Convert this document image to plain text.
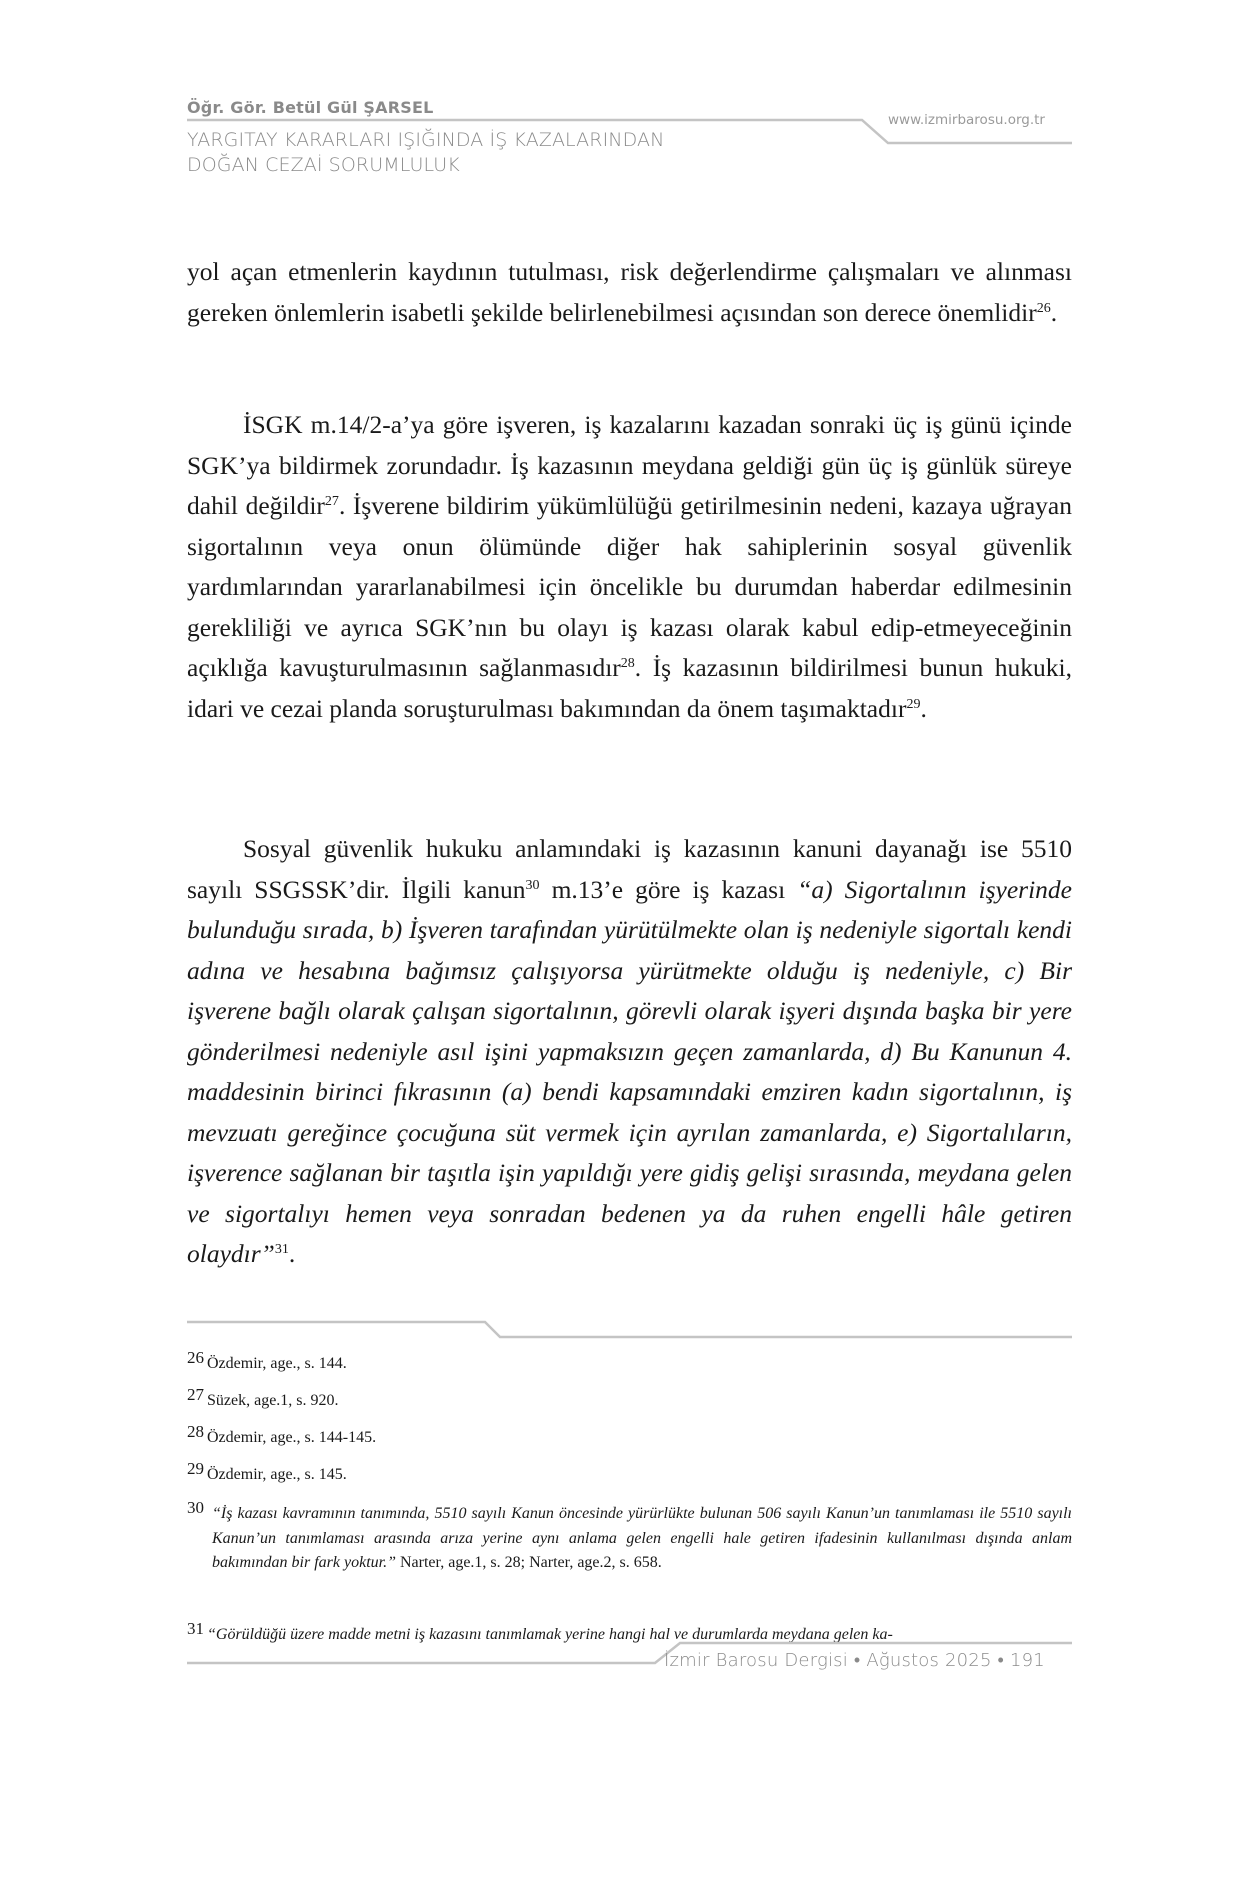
Öğr. Gör. Betül Gül ŞARSEL
www.izmirbarosu.org.tr
YARGITAY KARARLARI IŞIĞINDA İŞ KAZALARINDAN
DOĞAN CEZAİ SORUMLULUK

yol açan etmenlerin kaydının tutulması, risk değerlendirme çalışmaları ve alınması gereken önlemlerin isabetli şekilde belirlenebilmesi açısından son derece önemlidir$^{26}$.

İSGK m.14/2-a’ya göre işveren, iş kazalarını kazadan sonraki üç iş günü içinde SGK’ya bildirmek zorundadır. İş kazasının meydana geldiği gün üç iş günlük süreye dahil değildir$^{27}$. İşverene bildirim yükümlülüğü getirilmesinin nedeni, kazaya uğrayan sigortalının veya onun ölümünde diğer hak sahiplerinin sosyal güvenlik yardımlarından yararlanabilmesi için öncelikle bu durumdan haberdar edilmesinin gerekliliği ve ayrıca SGK’nın bu olayı iş kazası olarak kabul edip-etmeyeceğinin açıklığa kavuşturulmasının sağlanmasıdır$^{28}$. İş kazasının bildirilmesi bunun hukuki, idari ve cezai planda soruşturulması bakımından da önem taşımaktadır$^{29}$.

Sosyal güvenlik hukuku anlamındaki iş kazasının kanuni dayanağı ise 5510 sayılı SSGSSK’dir. İlgili kanun$^{30}$ m.13’e göre iş kazası “a) Sigortalının işyerinde bulunduğu sırada, b) İşveren tarafından yürütülmekte olan iş nedeniyle sigortalı kendi adına ve hesabına bağımsız çalışıyorsa yürütmekte olduğu iş nedeniyle, c) Bir işverene bağlı olarak çalışan sigortalının, görevli olarak işyeri dışında başka bir yere gönderilmesi nedeniyle asıl işini yapmaksızın geçen zamanlarda, d) Bu Kanunun 4. maddesinin birinci fıkrasının (a) bendi kapsamındaki emziren kadın sigortalının, iş mevzuatı gereğince çocuğuna süt vermek için ayrılan zamanlarda, e) Sigortalıların, işverence sağlanan bir taşıtla işin yapıldığı yere gidiş gelişi sırasında, meydana gelen ve sigortalıyı hemen veya sonradan bedenen ya da ruhen engelli hâle getiren olaydır”$^{31}$.

26 Özdemir, age., s. 144.
27 Süzek, age.1, s. 920.
28 Özdemir, age., s. 144-145.
29 Özdemir, age., s. 145.
30 “İş kazası kavramının tanımında, 5510 sayılı Kanun öncesinde yürürlükte bulunan 506 sayılı Kanun’un tanımlaması ile 5510 sayılı Kanun’un tanımlaması arasında arıza yerine aynı anlama gelen engelli hale getiren ifadesinin kullanılması dışında anlam bakımından bir fark yoktur.” Narter, age.1, s. 28; Narter, age.2, s. 658.
31 “Görüldüğü üzere madde metni iş kazasını tanımlamak yerine hangi hal ve durumlarda meydana gelen ka-
İzmir Barosu Dergisi • Ağustos 2025 • 191
